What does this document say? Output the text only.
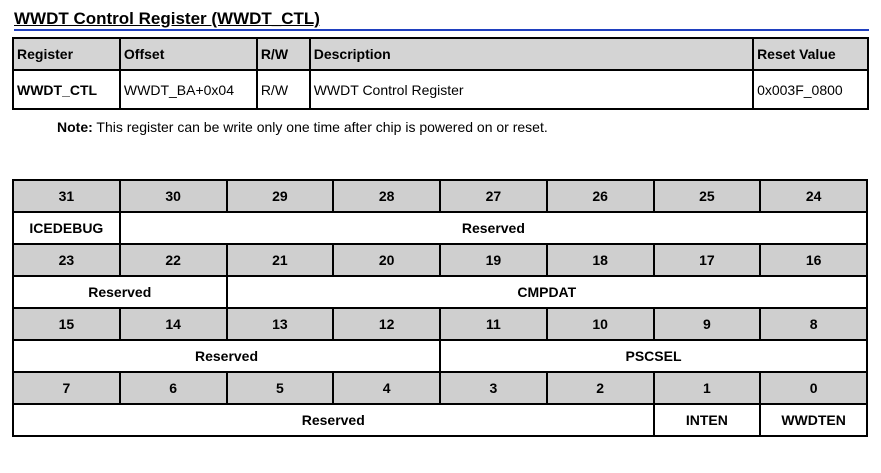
WWDT Control Register (WWDT_CTL)
Register	Offset	R/W	Description	Reset Value
WWDT_CTL	WWDT_BA+0x04	R/W	WWDT Control Register	0x003F_0800
Note: This register can be write only one time after chip is powered on or reset.
31	30	29	28	27	26	25	24
ICEDEBUG	Reserved						
23	22	21	20	19	18	17	16
Reserved		CMPDAT					
15	14	13	12	11	10	9	8
Reserved				PSCSEL			
7	6	5	4	3	2	1	0
Reserved						INTEN	WWDTEN
